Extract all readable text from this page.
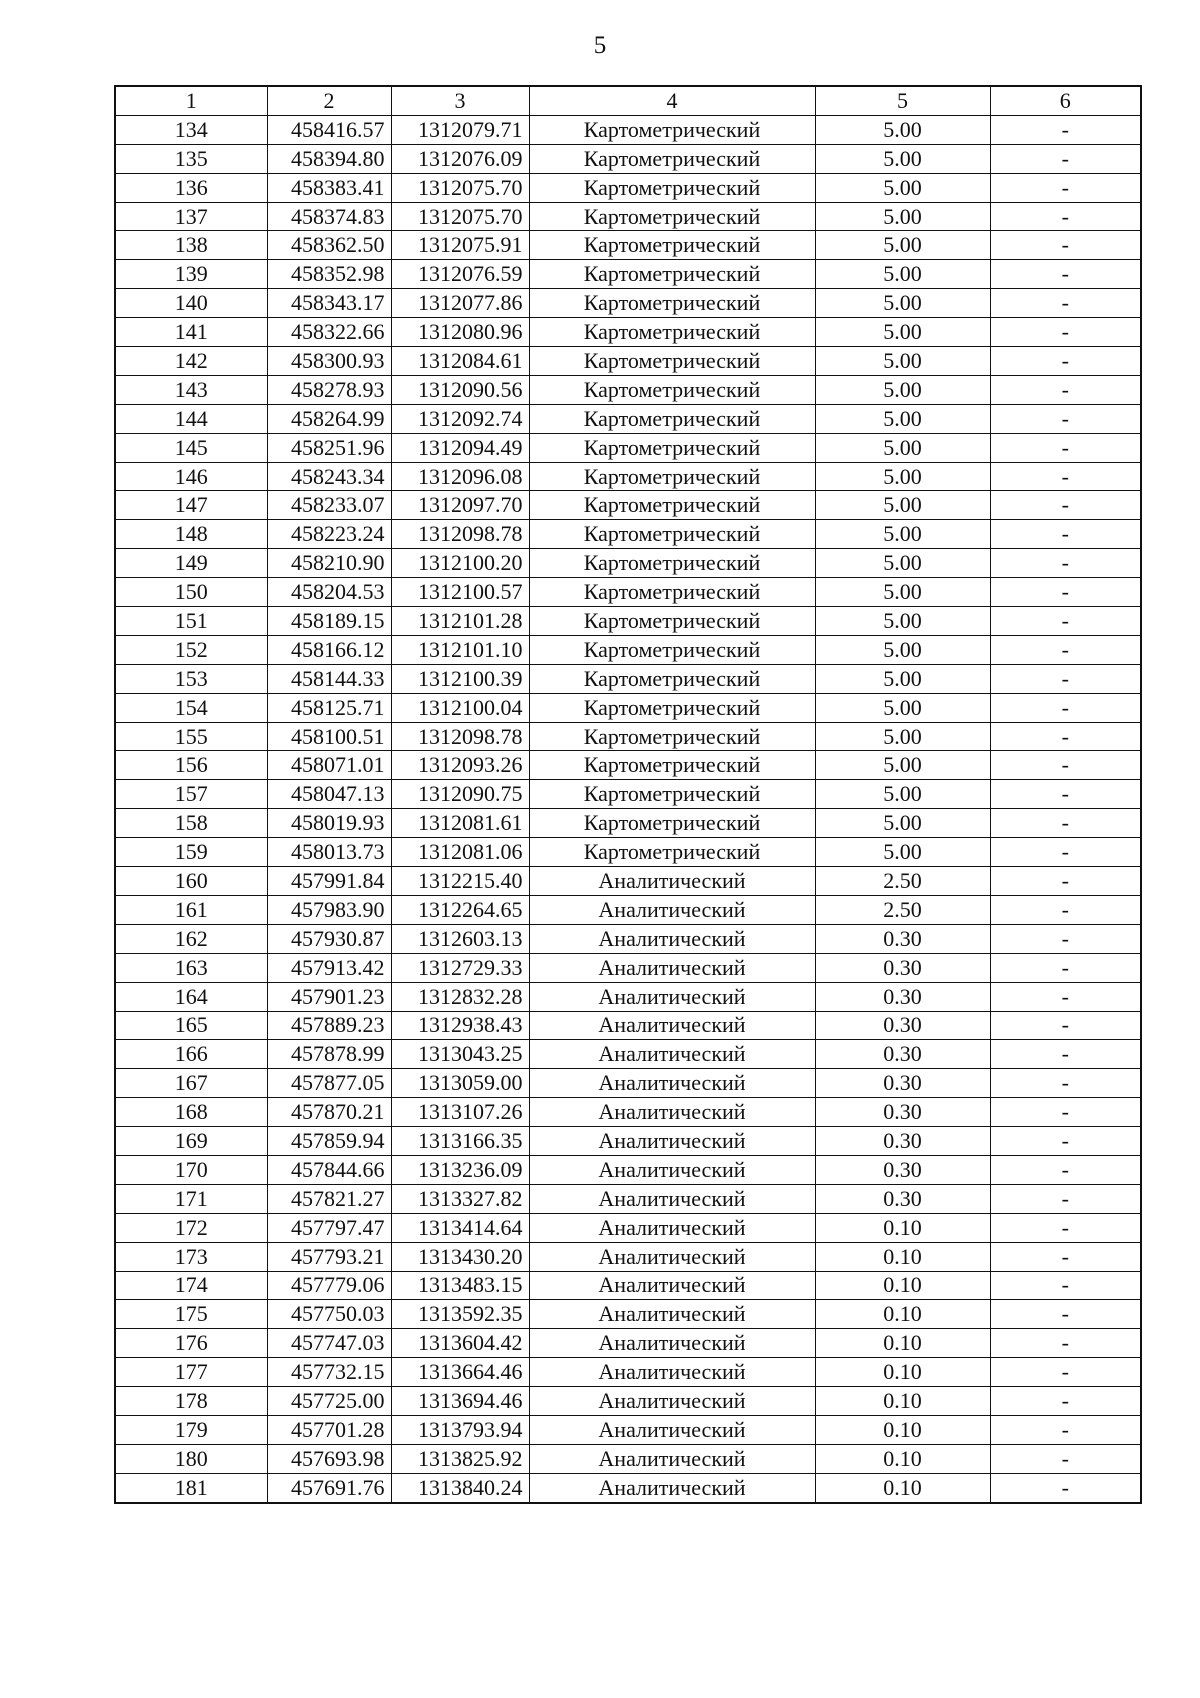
5
1	2	3	4	5	6
134	458416.57	1312079.71	Картометрический	5.00	-
135	458394.80	1312076.09	Картометрический	5.00	-
136	458383.41	1312075.70	Картометрический	5.00	-
137	458374.83	1312075.70	Картометрический	5.00	-
138	458362.50	1312075.91	Картометрический	5.00	-
139	458352.98	1312076.59	Картометрический	5.00	-
140	458343.17	1312077.86	Картометрический	5.00	-
141	458322.66	1312080.96	Картометрический	5.00	-
142	458300.93	1312084.61	Картометрический	5.00	-
143	458278.93	1312090.56	Картометрический	5.00	-
144	458264.99	1312092.74	Картометрический	5.00	-
145	458251.96	1312094.49	Картометрический	5.00	-
146	458243.34	1312096.08	Картометрический	5.00	-
147	458233.07	1312097.70	Картометрический	5.00	-
148	458223.24	1312098.78	Картометрический	5.00	-
149	458210.90	1312100.20	Картометрический	5.00	-
150	458204.53	1312100.57	Картометрический	5.00	-
151	458189.15	1312101.28	Картометрический	5.00	-
152	458166.12	1312101.10	Картометрический	5.00	-
153	458144.33	1312100.39	Картометрический	5.00	-
154	458125.71	1312100.04	Картометрический	5.00	-
155	458100.51	1312098.78	Картометрический	5.00	-
156	458071.01	1312093.26	Картометрический	5.00	-
157	458047.13	1312090.75	Картометрический	5.00	-
158	458019.93	1312081.61	Картометрический	5.00	-
159	458013.73	1312081.06	Картометрический	5.00	-
160	457991.84	1312215.40	Аналитический	2.50	-
161	457983.90	1312264.65	Аналитический	2.50	-
162	457930.87	1312603.13	Аналитический	0.30	-
163	457913.42	1312729.33	Аналитический	0.30	-
164	457901.23	1312832.28	Аналитический	0.30	-
165	457889.23	1312938.43	Аналитический	0.30	-
166	457878.99	1313043.25	Аналитический	0.30	-
167	457877.05	1313059.00	Аналитический	0.30	-
168	457870.21	1313107.26	Аналитический	0.30	-
169	457859.94	1313166.35	Аналитический	0.30	-
170	457844.66	1313236.09	Аналитический	0.30	-
171	457821.27	1313327.82	Аналитический	0.30	-
172	457797.47	1313414.64	Аналитический	0.10	-
173	457793.21	1313430.20	Аналитический	0.10	-
174	457779.06	1313483.15	Аналитический	0.10	-
175	457750.03	1313592.35	Аналитический	0.10	-
176	457747.03	1313604.42	Аналитический	0.10	-
177	457732.15	1313664.46	Аналитический	0.10	-
178	457725.00	1313694.46	Аналитический	0.10	-
179	457701.28	1313793.94	Аналитический	0.10	-
180	457693.98	1313825.92	Аналитический	0.10	-
181	457691.76	1313840.24	Аналитический	0.10	-
